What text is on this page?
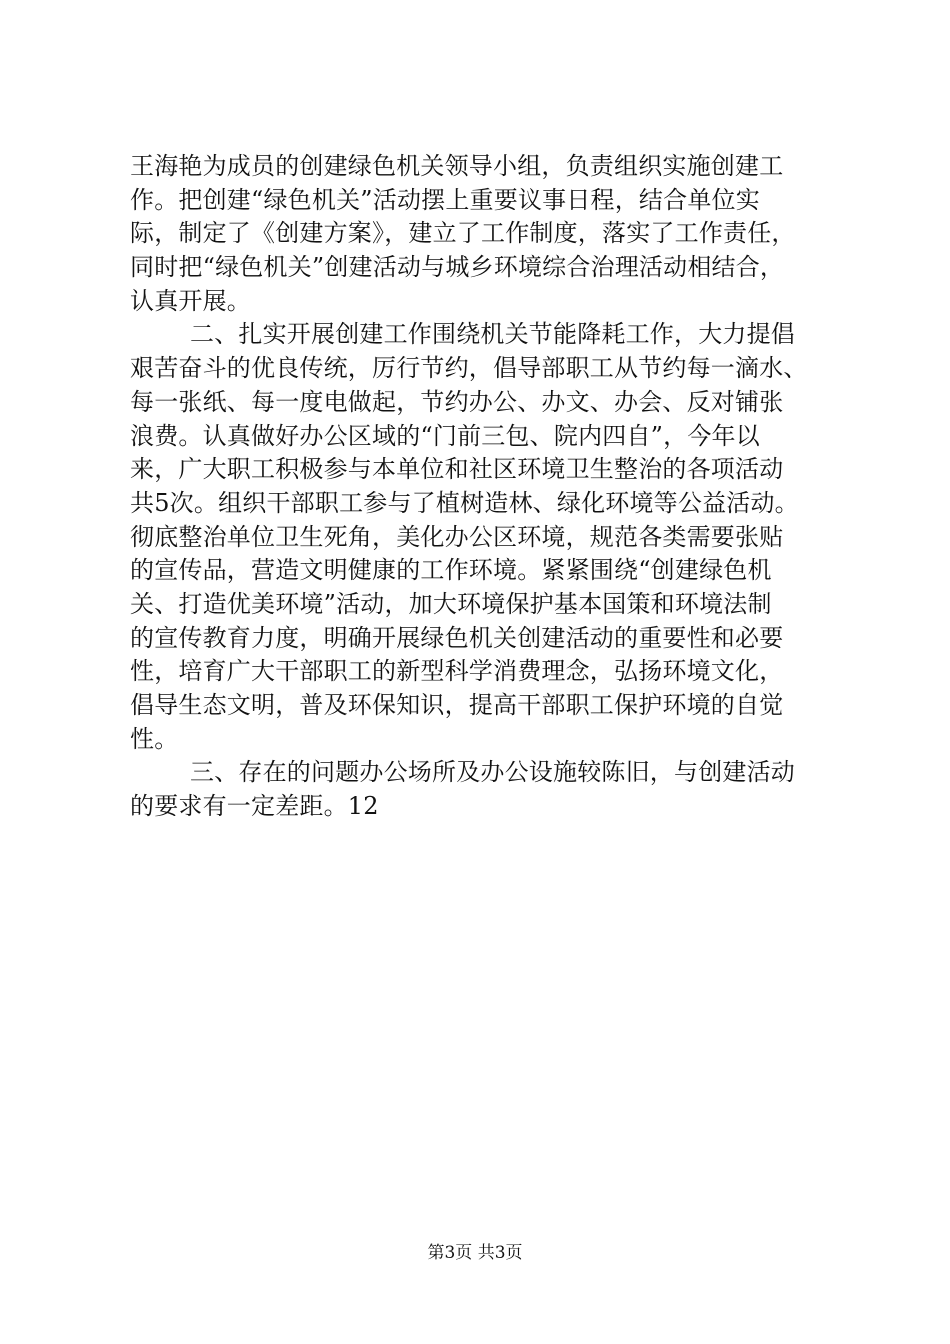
王海艳为成员的创建绿色机关领导小组，负责组织实施创建工
作。把创建“绿色机关”活动摆上重要议事日程，结合单位实
际，制定了《创建方案》，建立了工作制度，落实了工作责任，
同时把“绿色机关”创建活动与城乡环境综合治理活动相结合，
认真开展。
二、扎实开展创建工作围绕机关节能降耗工作，大力提倡
艰苦奋斗的优良传统，厉行节约，倡导部职工从节约每一滴水、
每一张纸、每一度电做起，节约办公、办文、办会、反对铺张
浪费。认真做好办公区域的“门前三包、院内四自”，今年以
来，广大职工积极参与本单位和社区环境卫生整治的各项活动
共5次。组织干部职工参与了植树造林、绿化环境等公益活动。
彻底整治单位卫生死角，美化办公区环境，规范各类需要张贴
的宣传品，营造文明健康的工作环境。紧紧围绕“创建绿色机
关、打造优美环境”活动，加大环境保护基本国策和环境法制
的宣传教育力度，明确开展绿色机关创建活动的重要性和必要
性，培育广大干部职工的新型科学消费理念，弘扬环境文化，
倡导生态文明，普及环保知识，提高干部职工保护环境的自觉
性。
三、存在的问题办公场所及办公设施较陈旧，与创建活动
的要求有一定差距。12
第3页 共3页
